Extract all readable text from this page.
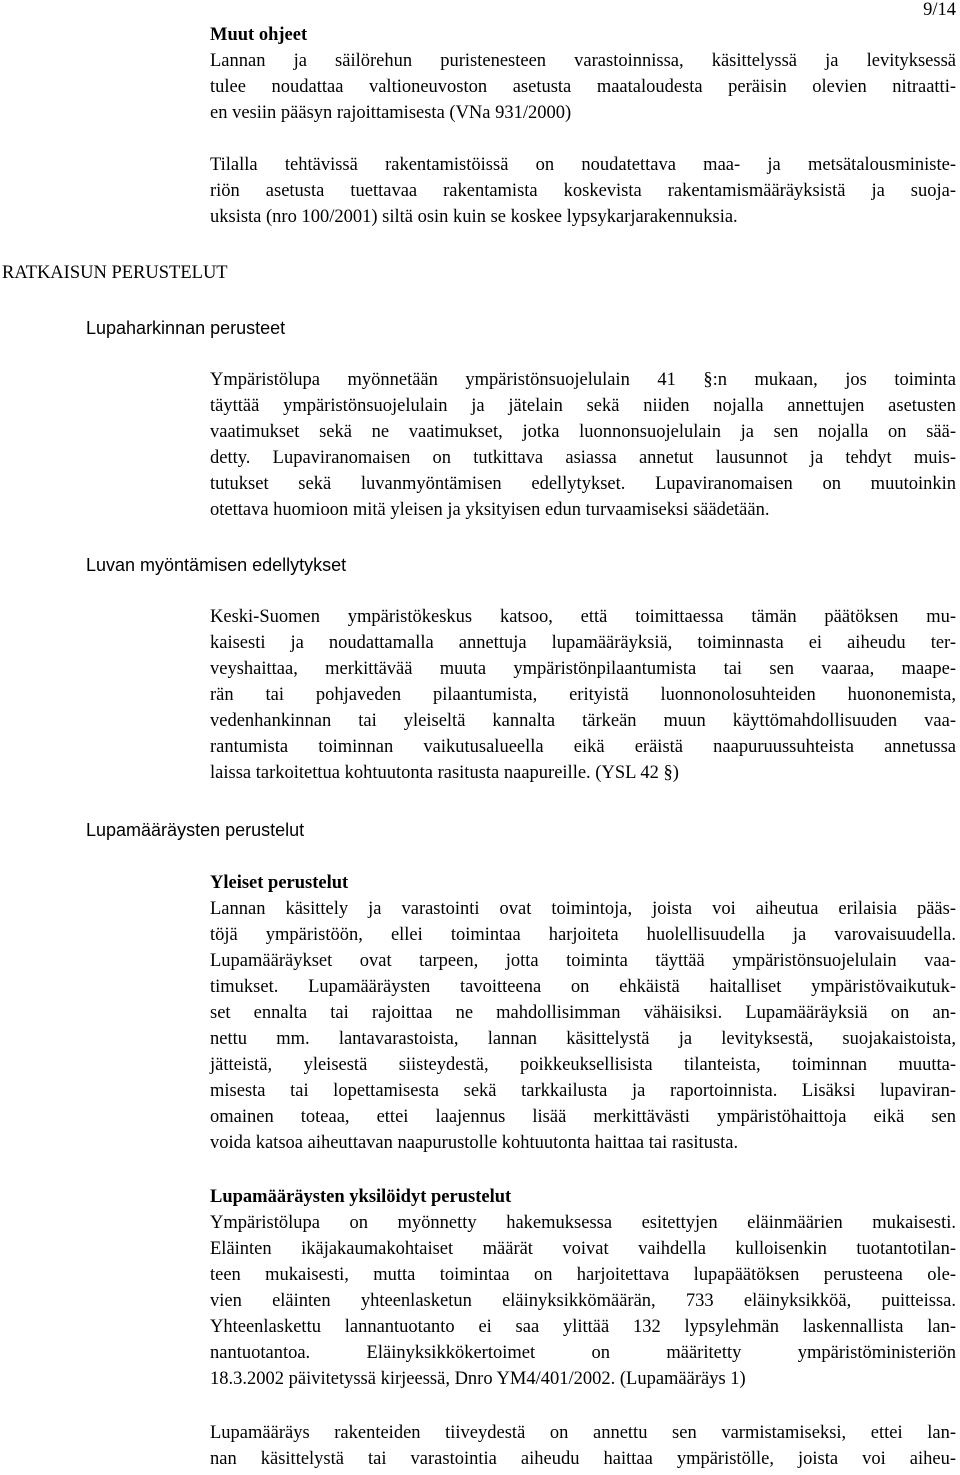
9/14
Muut ohjeet
Lannan ja säilörehun puristenesteen varastoinnissa, käsittelyssä ja levityksessä
tulee noudattaa valtioneuvoston asetusta maataloudesta peräisin olevien nitraatti-
en vesiin pääsyn rajoittamisesta (VNa 931/2000)
Tilalla tehtävissä rakentamistöissä on noudatettava maa- ja metsätalousministe-
riön asetusta tuettavaa rakentamista koskevista rakentamismääräyksistä ja suoja-
uksista (nro 100/2001) siltä osin kuin se koskee lypsykarjarakennuksia.
RATKAISUN PERUSTELUT
Lupaharkinnan perusteet
Ympäristölupa myönnetään ympäristönsuojelulain 41 §:n mukaan, jos toiminta
täyttää ympäristönsuojelulain ja jätelain sekä niiden nojalla annettujen asetusten
vaatimukset sekä ne vaatimukset, jotka luonnonsuojelulain ja sen nojalla on sää-
detty. Lupaviranomaisen on tutkittava asiassa annetut lausunnot ja tehdyt muis-
tutukset sekä luvanmyöntämisen edellytykset. Lupaviranomaisen on muutoinkin
otettava huomioon mitä yleisen ja yksityisen edun turvaamiseksi säädetään.
Luvan myöntämisen edellytykset
Keski-Suomen ympäristökeskus katsoo, että toimittaessa tämän päätöksen mu-
kaisesti ja noudattamalla annettuja lupamääräyksiä, toiminnasta ei aiheudu ter-
veyshaittaa, merkittävää muuta ympäristönpilaantumista tai sen vaaraa, maape-
rän tai pohjaveden pilaantumista, erityistä luonnonolosuhteiden huononemista,
vedenhankinnan tai yleiseltä kannalta tärkeän muun käyttömahdollisuuden vaa-
rantumista toiminnan vaikutusalueella eikä eräistä naapuruussuhteista annetussa
laissa tarkoitettua kohtuutonta rasitusta naapureille. (YSL 42 §)
Lupamääräysten perustelut
Yleiset perustelut
Lannan käsittely ja varastointi ovat toimintoja, joista voi aiheutua erilaisia pääs-
töjä ympäristöön, ellei toimintaa harjoiteta huolellisuudella ja varovaisuudella.
Lupamääräykset ovat tarpeen, jotta toiminta täyttää ympäristönsuojelulain vaa-
timukset. Lupamääräysten tavoitteena on ehkäistä haitalliset ympäristövaikutuk-
set ennalta tai rajoittaa ne mahdollisimman vähäisiksi. Lupamääräyksiä on an-
nettu mm. lantavarastoista, lannan käsittelystä ja levityksestä, suojakaistoista,
jätteistä, yleisestä siisteydestä, poikkeuksellisista tilanteista, toiminnan muutta-
misesta tai lopettamisesta sekä tarkkailusta ja raportoinnista. Lisäksi lupaviran-
omainen toteaa, ettei laajennus lisää merkittävästi ympäristöhaittoja eikä sen
voida katsoa aiheuttavan naapurustolle kohtuutonta haittaa tai rasitusta.
Lupamääräysten yksilöidyt perustelut
Ympäristölupa on myönnetty hakemuksessa esitettyjen eläinmäärien mukaisesti.
Eläinten ikäjakaumakohtaiset määrät voivat vaihdella kulloisenkin tuotantotilan-
teen mukaisesti, mutta toimintaa on harjoitettava lupapäätöksen perusteena ole-
vien eläinten yhteenlasketun eläinyksikkömäärän, 733 eläinyksikköä, puitteissa.
Yhteenlaskettu lannantuotanto ei saa ylittää 132 lypsylehmän laskennallista lan-
nantuotantoa. Eläinyksikkökertoimet on määritetty ympäristöministeriön
18.3.2002 päivitetyssä kirjeessä, Dnro YM4/401/2002. (Lupamääräys 1)
Lupamääräys rakenteiden tiiveydestä on annettu sen varmistamiseksi, ettei lan-
nan käsittelystä tai varastointia aiheudu haittaa ympäristölle, joista voi aiheu-
